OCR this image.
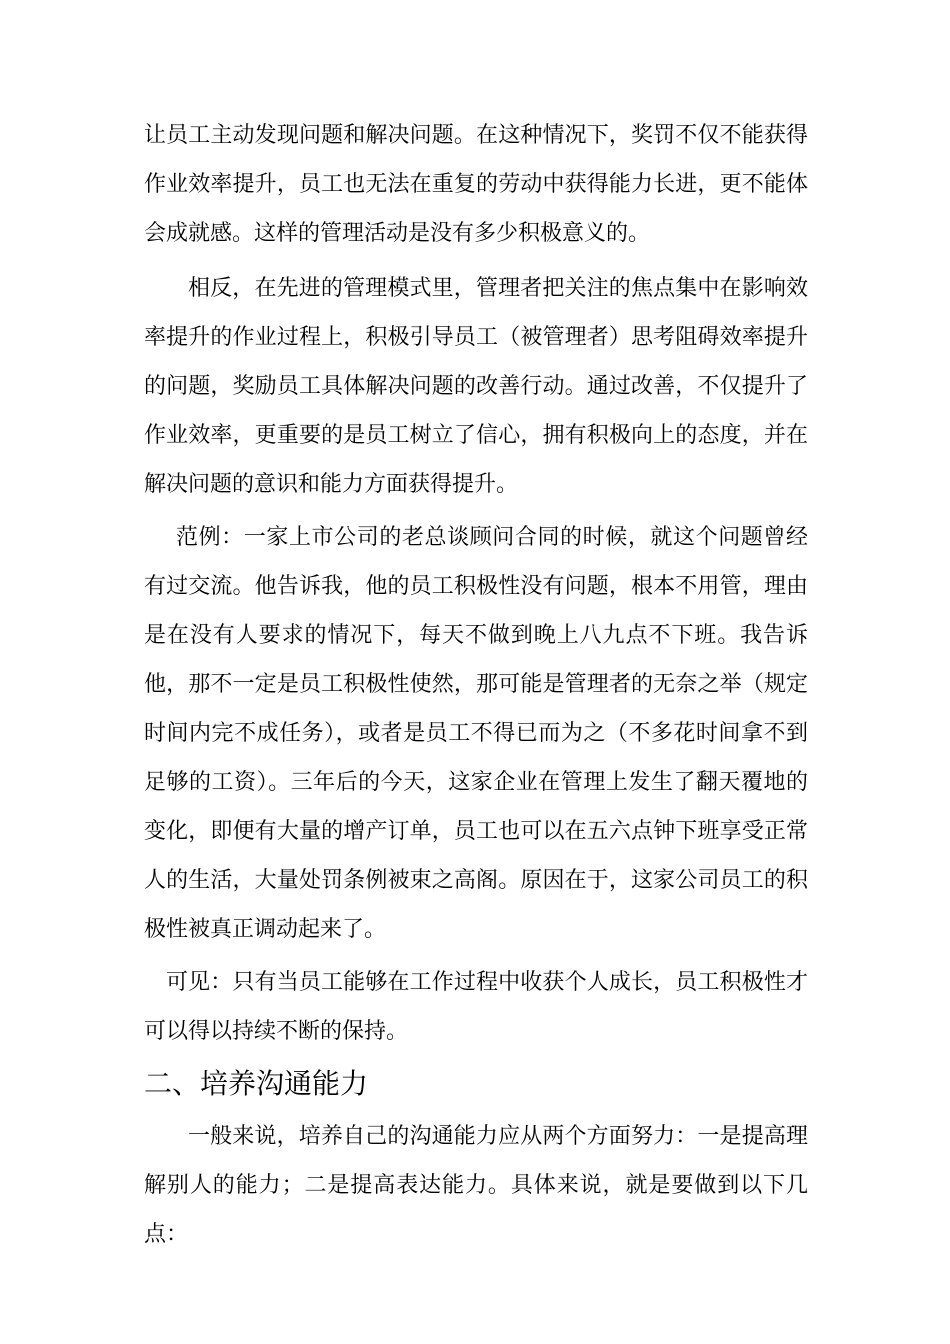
让员工主动发现问题和解决问题。在这种情况下，奖罚不仅不能获得作业效率提升，员工也无法在重复的劳动中获得能力长进，更不能体会成就感。这样的管理活动是没有多少积极意义的。

相反，在先进的管理模式里，管理者把关注的焦点集中在影响效率提升的作业过程上，积极引导员工（被管理者）思考阻碍效率提升的问题，奖励员工具体解决问题的改善行动。通过改善，不仅提升了作业效率，更重要的是员工树立了信心，拥有积极向上的态度，并在解决问题的意识和能力方面获得提升。

范例：一家上市公司的老总谈顾问合同的时候，就这个问题曾经有过交流。他告诉我，他的员工积极性没有问题，根本不用管，理由是在没有人要求的情况下，每天不做到晚上八九点不下班。我告诉他，那不一定是员工积极性使然，那可能是管理者的无奈之举（规定时间内完不成任务），或者是员工不得已而为之（不多花时间拿不到足够的工资）。三年后的今天，这家企业在管理上发生了翻天覆地的变化，即便有大量的增产订单，员工也可以在五六点钟下班享受正常人的生活，大量处罚条例被束之高阁。原因在于，这家公司员工的积极性被真正调动起来了。

可见：只有当员工能够在工作过程中收获个人成长，员工积极性才可以得以持续不断的保持。

二、培养沟通能力

一般来说，培养自己的沟通能力应从两个方面努力：一是提高理解别人的能力；二是提高表达能力。具体来说，就是要做到以下几点：
